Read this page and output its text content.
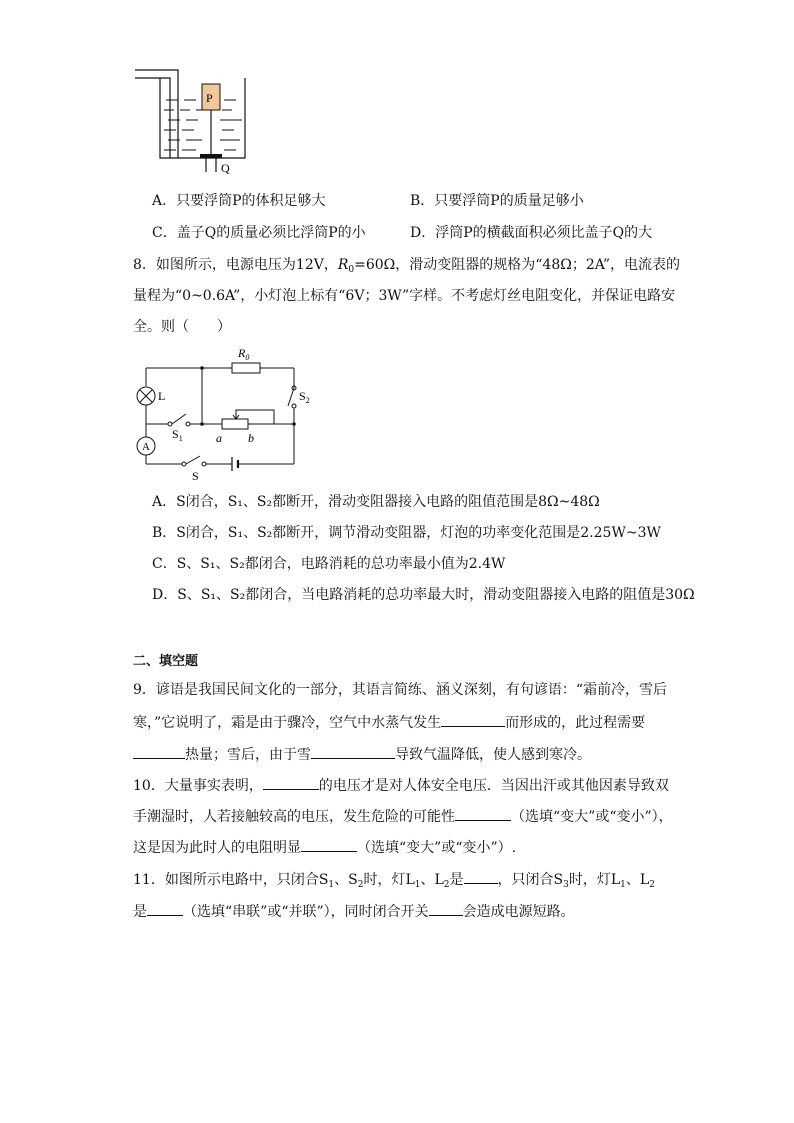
P
Q
A．只要浮筒P的体积足够大	B．只要浮筒P的质量足够小
C．盖子Q的质量必须比浮筒P的小	D．浮筒P的横截面积必须比盖子Q的大
8．如图所示，电源电压为12V，$R_0=60\Omega$，滑动变阻器的规格为“48Ω；2A”，电流表的
量程为“0~0.6A”，小灯泡上标有“6V；3W”字样。不考虑灯丝电阻变化，并保证电路安
全。则（　　）
L
$R_0$
$S_2$
$S_1$	a b
A
S
A．S闭合，S₁、S₂都断开，滑动变阻器接入电路的阻值范围是8Ω~48Ω
B．S闭合，S₁、S₂都断开，调节滑动变阻器，灯泡的功率变化范围是2.25W~3W
C．S、S₁、S₂都闭合，电路消耗的总功率最小值为2.4W
D．S、S₁、S₂都闭合，当电路消耗的总功率最大时，滑动变阻器接入电路的阻值是30Ω
二、填空题
9．谚语是我国民间文化的一部分，其语言简练、涵义深刻，有句谚语：“霜前冷，雪后
寒，”它说明了，霜是由于骤冷，空气中水蒸气发生	而形成的，此过程需要
热量；雪后，由于雪	导致气温降低，使人感到寒冷。
10．大量事实表明，	的电压才是对人体安全电压．当因出汗或其他因素导致双
手潮湿时，人若接触较高的电压，发生危险的可能性	（选填“变大”或“变小”），
这是因为此时人的电阻明显	（选填“变大”或“变小”）.
11．如图所示电路中，只闭合$S_1$、$S_2$时，灯$L_1$、$L_2$是 ，只闭合$S_3$时，灯$L_1$、$L_2$
是	（选填“串联”或“并联”），同时闭合开关 会造成电源短路。
